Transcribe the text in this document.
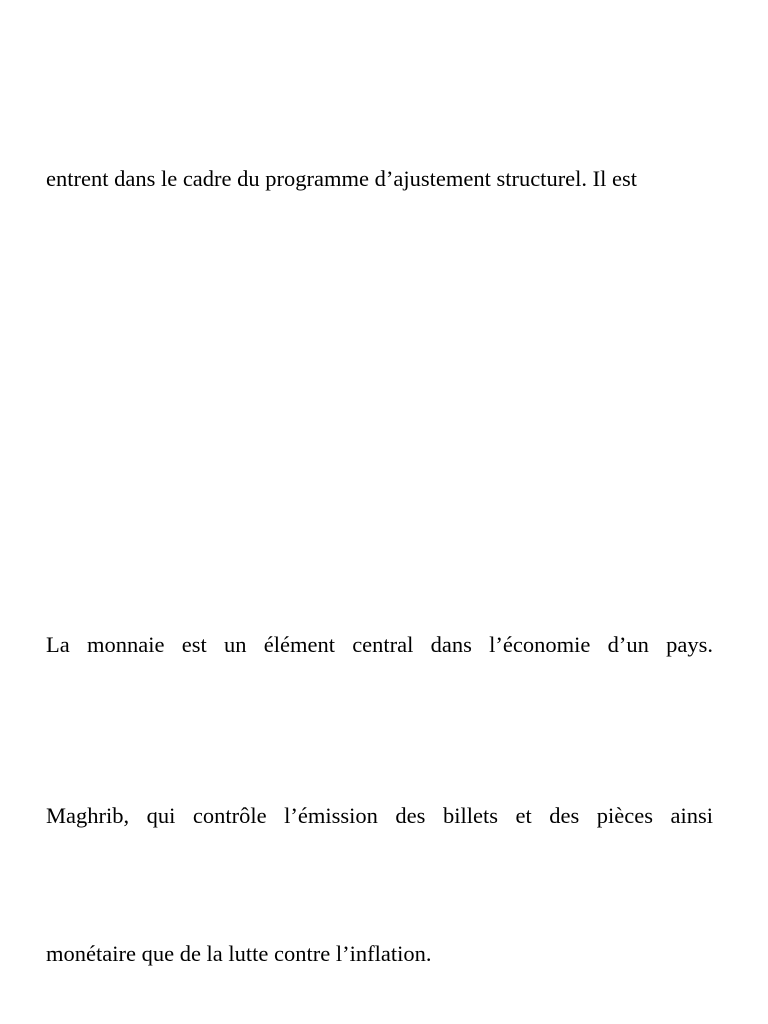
entrent dans le cadre du programme d’ajustement structurel. Il est
La monnaie est un élément central dans l’économie d’un pays.
Maghrib, qui contrôle l’émission des billets et des pièces ainsi
monétaire que de la lutte contre l’inflation.
